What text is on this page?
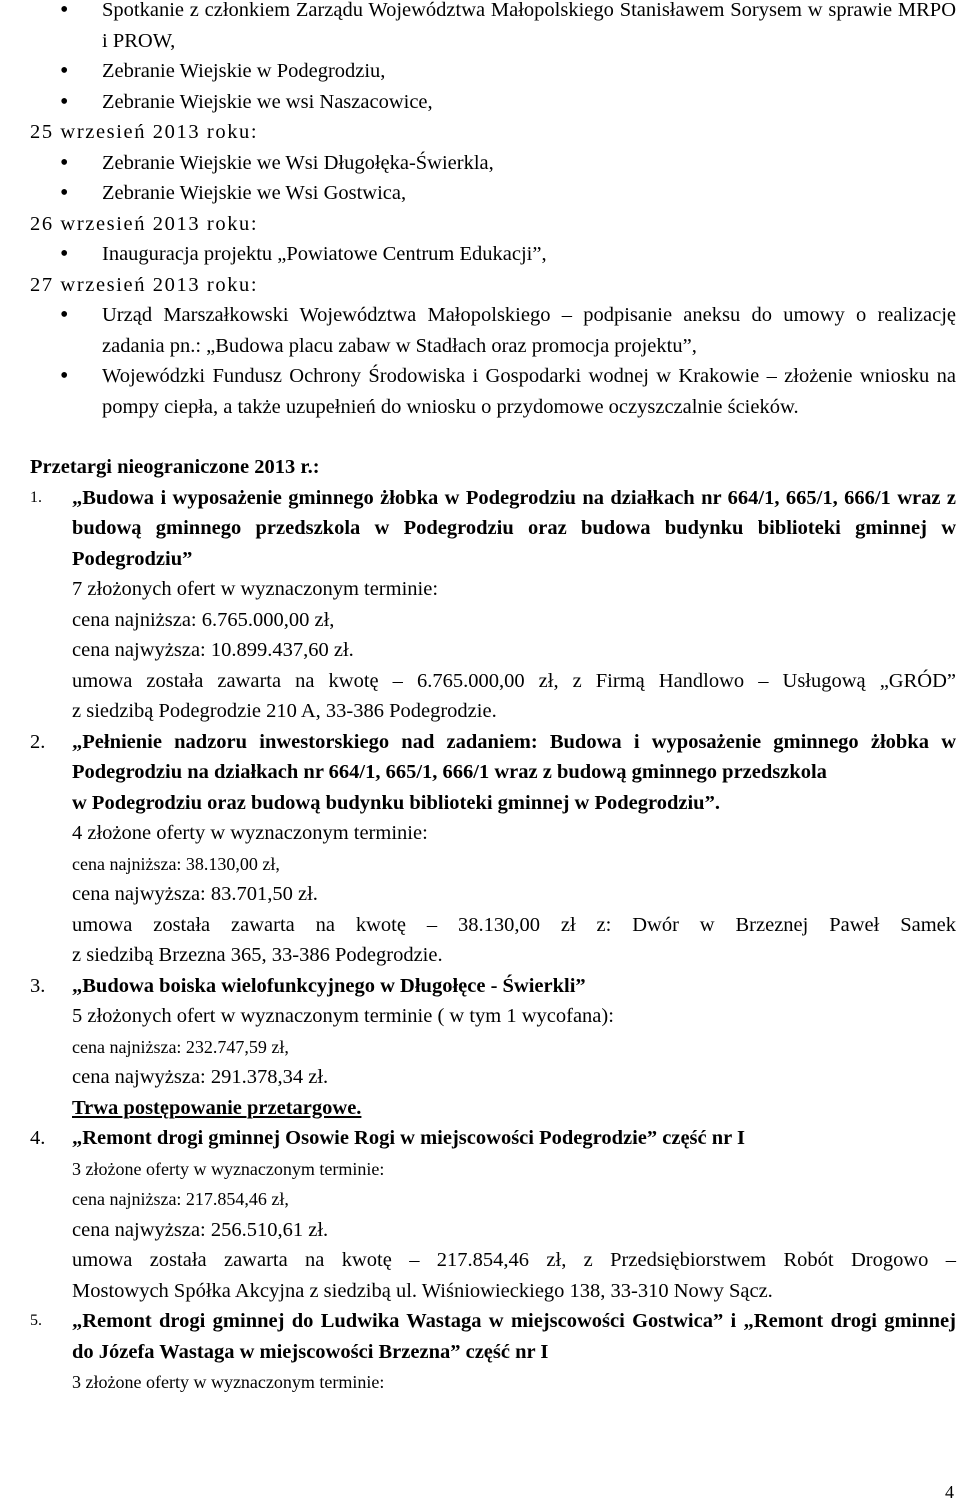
• Spotkanie z członkiem Zarządu Województwa Małopolskiego Stanisławem Sorysem w sprawie MRPO i PROW,
• Zebranie Wiejskie w Podegrodziu,
• Zebranie Wiejskie we wsi Naszacowice,
25 wrzesień 2013 roku:
• Zebranie Wiejskie we Wsi Długołęka-Świerkla,
• Zebranie Wiejskie we Wsi Gostwica,
26 wrzesień 2013 roku:
• Inauguracja projektu „Powiatowe Centrum Edukacji”,
27 wrzesień 2013 roku:
• Urząd Marszałkowski Województwa Małopolskiego – podpisanie aneksu do umowy o realizację zadania pn.: „Budowa placu zabaw w Stadłach oraz promocja projektu”,
• Wojewódzki Fundusz Ochrony Środowiska i Gospodarki wodnej w Krakowie – złożenie wniosku na pompy ciepła, a także uzupełnień do wniosku o przydomowe oczyszczalnie ścieków.
Przetargi nieograniczone 2013 r.:
1. „Budowa i wyposażenie gminnego żłobka w Podegrodziu na działkach nr 664/1, 665/1, 666/1 wraz z budową gminnego przedszkola w Podegrodziu oraz budowa budynku biblioteki gminnej w Podegrodziu”
7 złożonych ofert w wyznaczonym terminie:
cena najniższa: 6.765.000,00 zł,
cena najwyższa: 10.899.437,60 zł.
umowa została zawarta na kwotę – 6.765.000,00 zł, z Firmą Handlowo – Usługową „GRÓD”
z siedzibą Podegrodzie 210 A, 33-386 Podegrodzie.
2. „Pełnienie nadzoru inwestorskiego nad zadaniem: Budowa i wyposażenie gminnego żłobka w Podegrodziu na działkach nr 664/1, 665/1, 666/1 wraz z budową gminnego przedszkola
w Podegrodziu oraz budową budynku biblioteki gminnej w Podegrodziu”.
4 złożone oferty w wyznaczonym terminie:
cena najniższa: 38.130,00 zł,
cena najwyższa: 83.701,50 zł.
umowa została zawarta na kwotę – 38.130,00 zł z: Dwór w Brzeznej Paweł Samek
z siedzibą Brzezna 365, 33-386 Podegrodzie.
3. „Budowa boiska wielofunkcyjnego w Długołęce - Świerkli”
5 złożonych ofert w wyznaczonym terminie ( w tym 1 wycofana):
cena najniższa: 232.747,59 zł,
cena najwyższa: 291.378,34 zł.
Trwa postępowanie przetargowe.
4. „Remont drogi gminnej Osowie Rogi w miejscowości Podegrodzie” część nr I
3 złożone oferty w wyznaczonym terminie:
cena najniższa: 217.854,46 zł,
cena najwyższa: 256.510,61 zł.
umowa została zawarta na kwotę – 217.854,46 zł, z Przedsiębiorstwem Robót Drogowo –
Mostowych Spółka Akcyjna z siedzibą ul. Wiśniowieckiego 138, 33-310 Nowy Sącz.
5. „Remont drogi gminnej do Ludwika Wastaga w miejscowości Gostwica” i „Remont drogi gminnej do Józefa Wastaga w miejscowości Brzezna” część nr I
3 złożone oferty w wyznaczonym terminie:
4
